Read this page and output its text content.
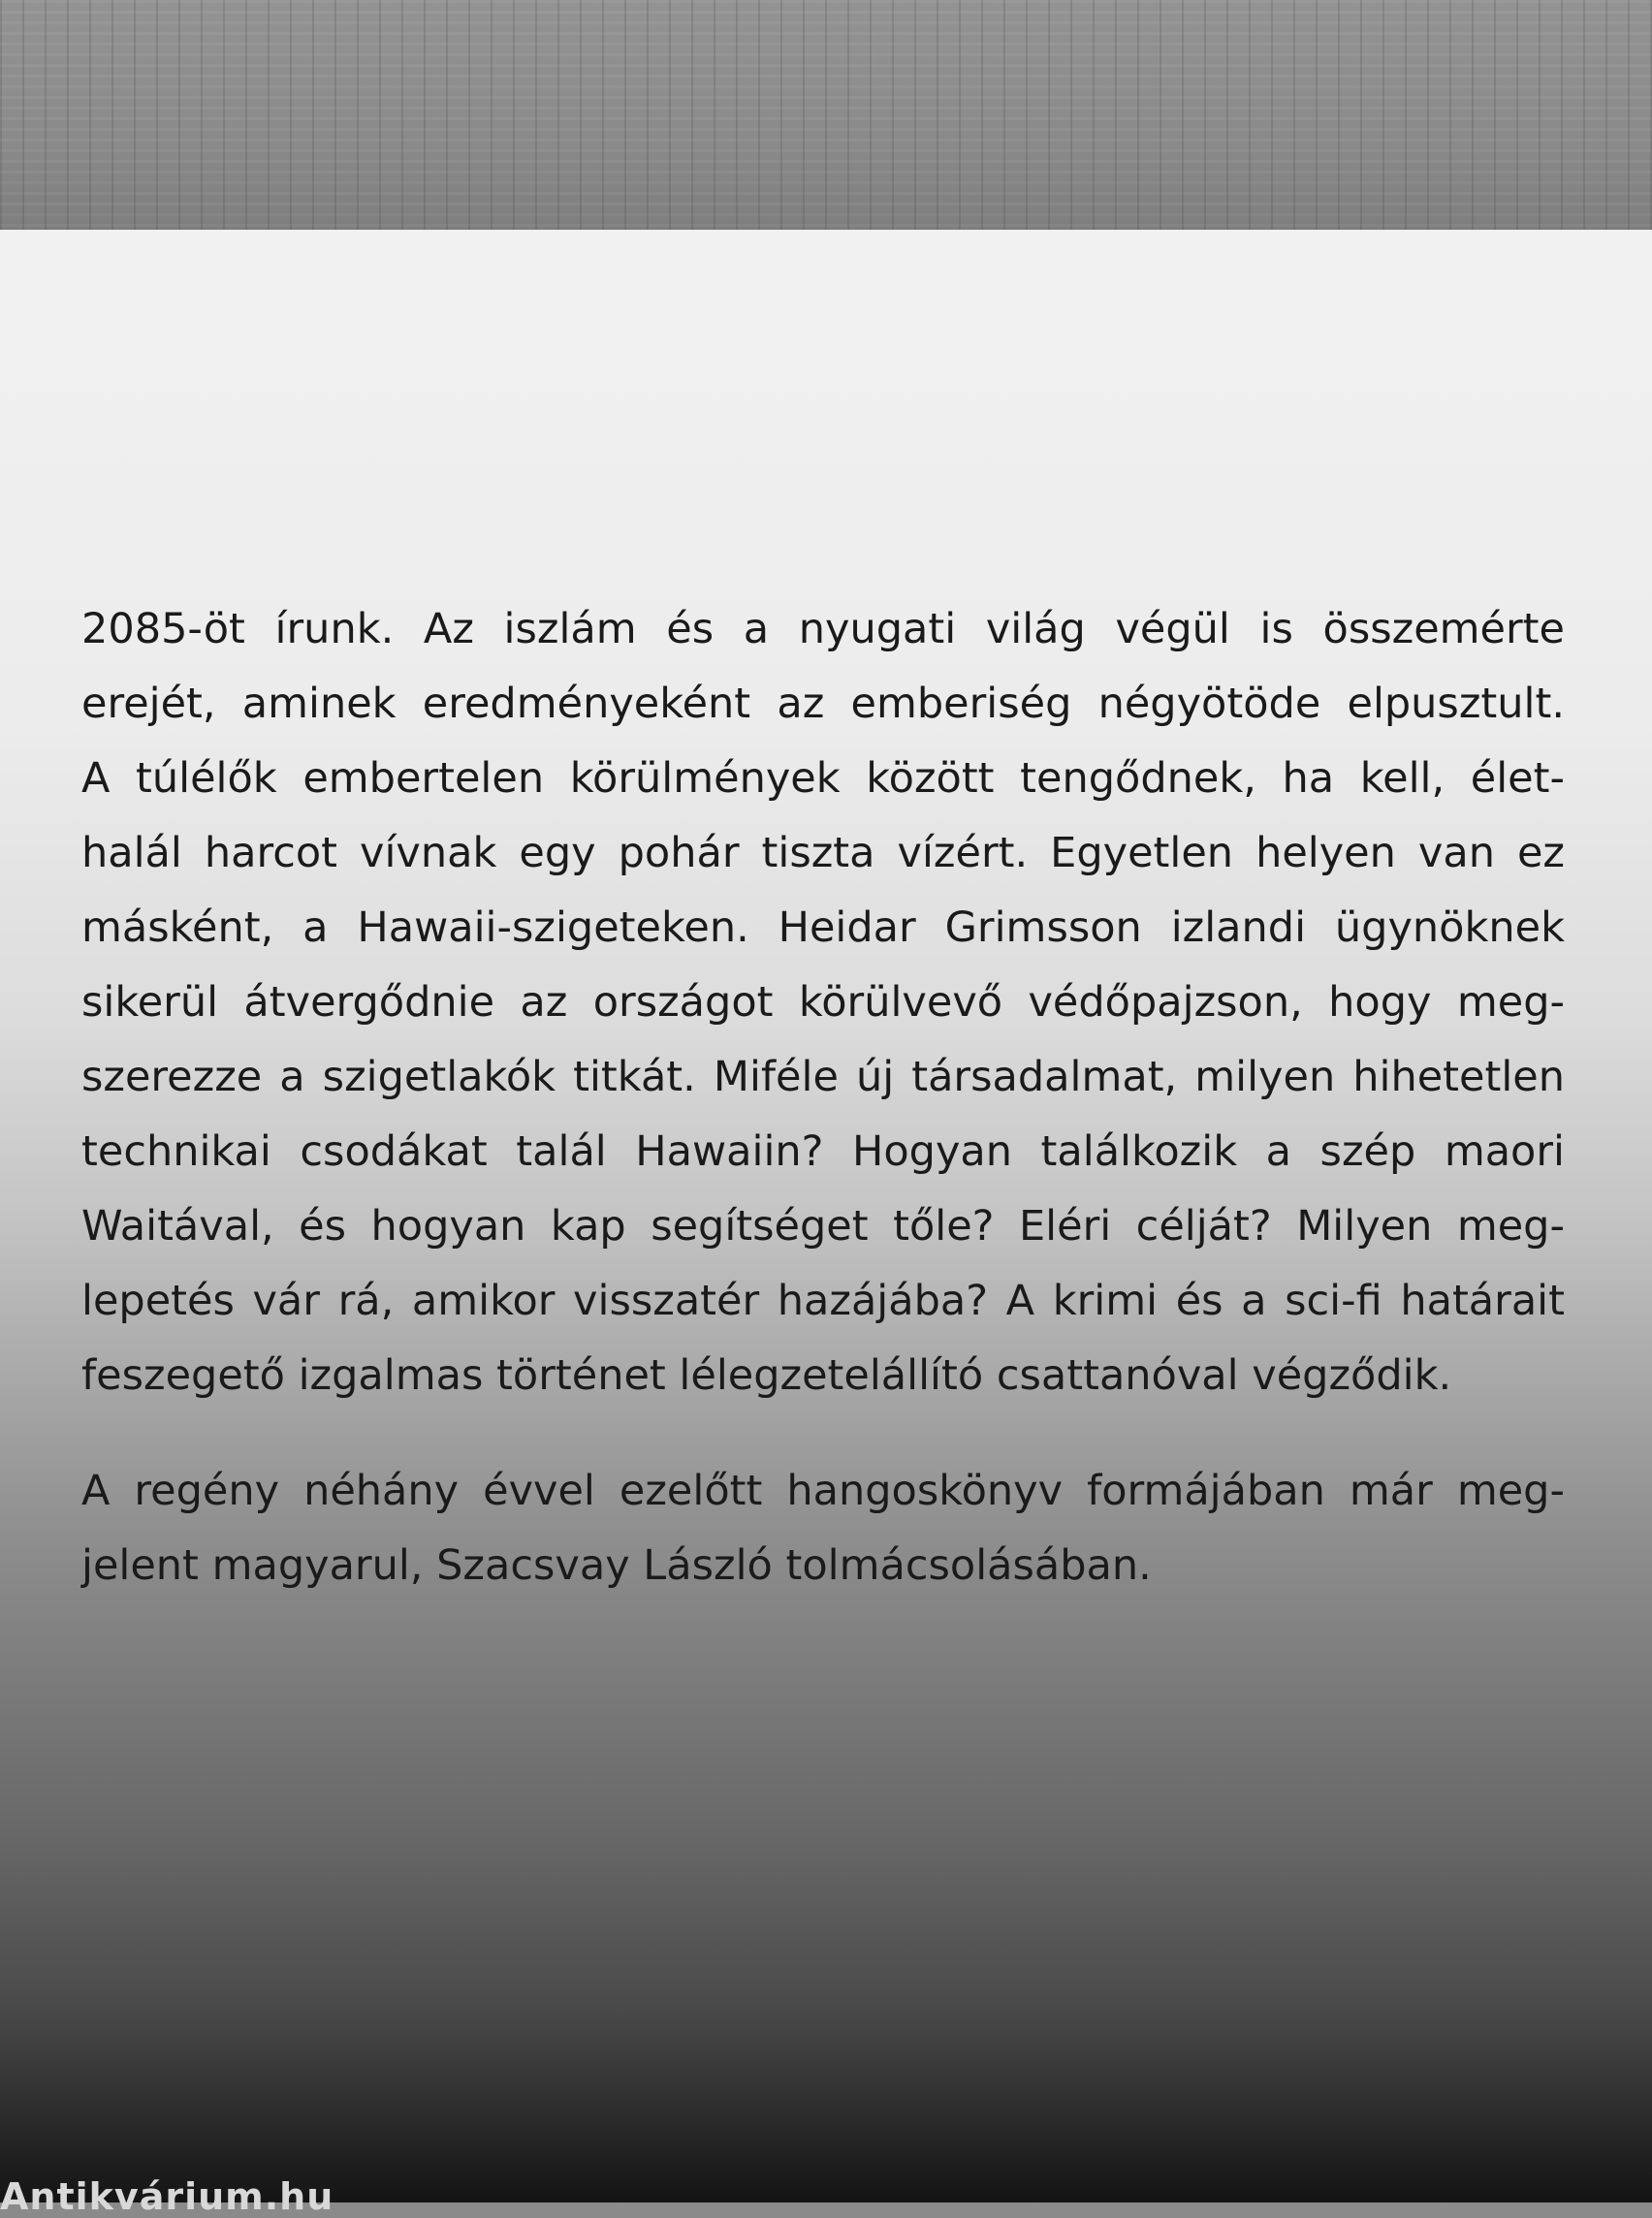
2085-öt írunk. Az iszlám és a nyugati világ végül is összemérte
erejét, aminek eredményeként az emberiség négyötöde elpusztult.
A túlélők embertelen körülmények között tengődnek, ha kell, élet-
halál harcot vívnak egy pohár tiszta vízért. Egyetlen helyen van ez
másként, a Hawaii-szigeteken. Heidar Grimsson izlandi ügynöknek
sikerül átvergődnie az országot körülvevő védőpajzson, hogy meg-
szerezze a szigetlakók titkát. Miféle új társadalmat, milyen hihetetlen
technikai csodákat talál Hawaiin? Hogyan találkozik a szép maori
Waitával, és hogyan kap segítséget tőle? Eléri célját? Milyen meg-
lepetés vár rá, amikor visszatér hazájába? A krimi és a sci-fi határait
feszegető izgalmas történet lélegzetelállító csattanóval végződik.

A regény néhány évvel ezelőtt hangoskönyv formájában már meg-
jelent magyarul, Szacsvay László tolmácsolásában.

Antikvárium.hu
